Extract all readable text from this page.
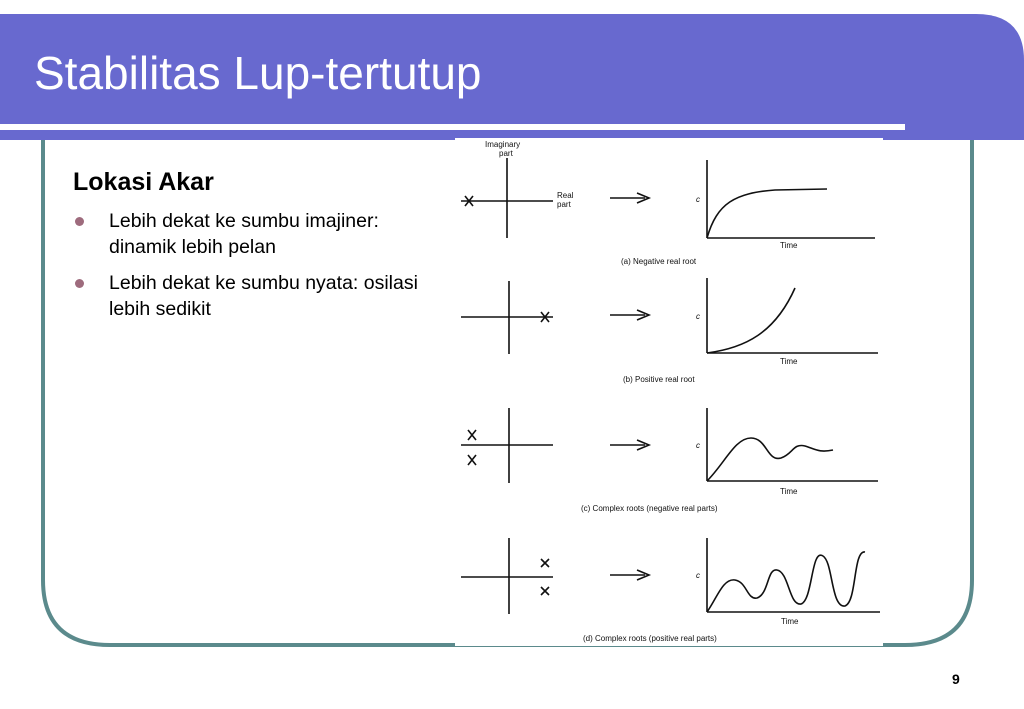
Stabilitas Lup-tertutup
Lokasi Akar
Lebih dekat ke sumbu imajiner: dinamik lebih pelan
Lebih dekat ke sumbu nyata: osilasi lebih sedikit
Imaginary
part
Real
part
c
Time
(a) Negative real root
c
Time
(b) Positive real root
c
Time
(c) Complex roots (negative real parts)
c
Time
(d) Complex roots (positive real parts)
9
